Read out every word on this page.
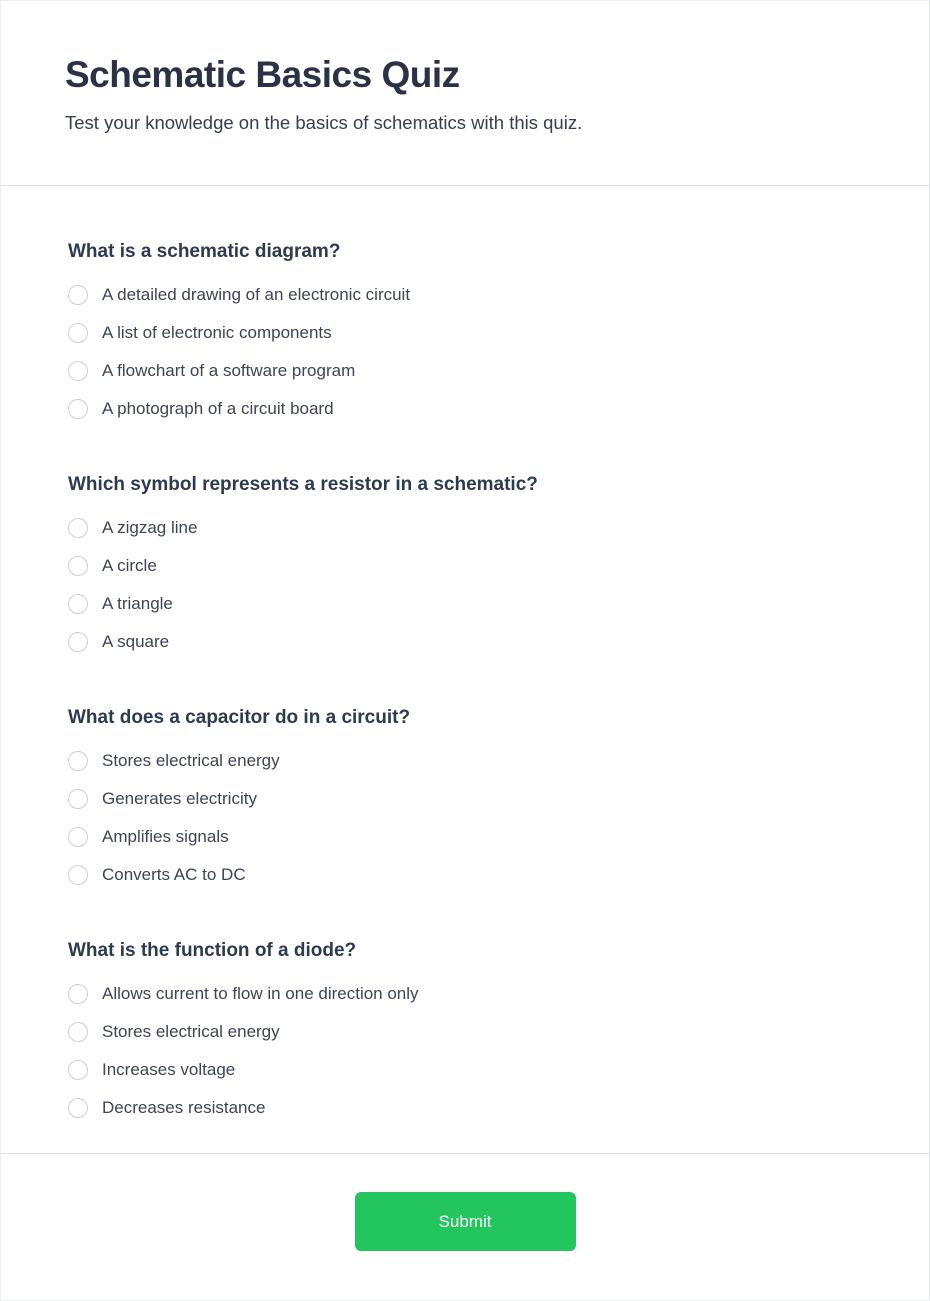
Schematic Basics Quiz

Test your knowledge on the basics of schematics with this quiz.

What is a schematic diagram?
A detailed drawing of an electronic circuit
A list of electronic components
A flowchart of a software program
A photograph of a circuit board
Which symbol represents a resistor in a schematic?
A zigzag line
A circle
A triangle
A square
What does a capacitor do in a circuit?
Stores electrical energy
Generates electricity
Amplifies signals
Converts AC to DC
What is the function of a diode?
Allows current to flow in one direction only
Stores electrical energy
Increases voltage
Decreases resistance
Submit
